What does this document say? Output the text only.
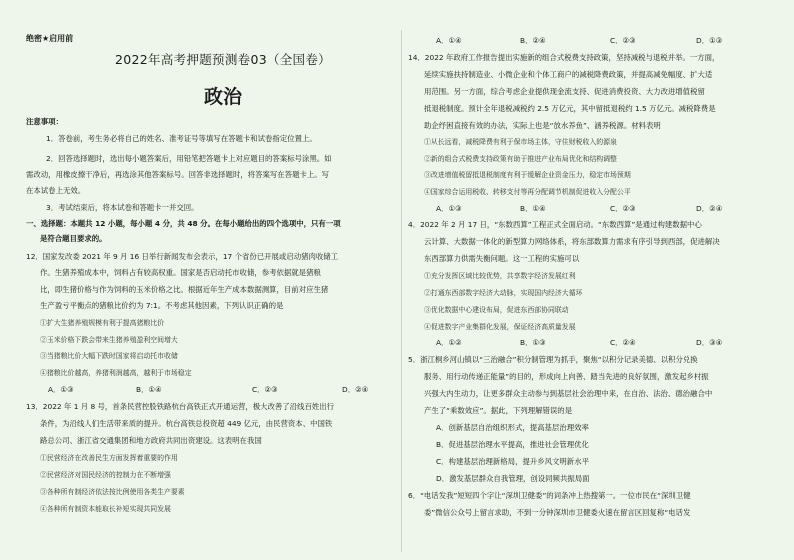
绝密★启用前
2022年高考押题预测卷03（全国卷）
政治
注意事项：
1．答卷前，考生务必将自己的姓名、准考证号等填写在答题卡和试卷指定位置上。
2．回答选择题时，选出每小题答案后，用铅笔把答题卡上对应题目的答案标号涂黑。如
需改动，用橡皮擦干净后，再选涂其他答案标号。回答非选择题时，将答案写在答题卡上。写
在本试卷上无效。
3．考试结束后，将本试卷和答题卡一并交回。
一、选择题：本题共 12 小题，每小题 4 分，共 48 分。在每小题给出的四个选项中，只有一项
是符合题目要求的。
12．国家发改委 2021 年 9 月 16 日举行新闻发布会表示，17 个省份已开展或启动猪肉收储工
作。生猪养殖成本中，饲料占有较高权重。国家是否启动托市收储，参考依据就是猪粮
比，即生猪价格与作为饲料的玉米价格之比。根据近年生产成本数据测算，目前对应生猪
生产盈亏平衡点的猪粮比价约为 7:1。不考虑其他因素，下列认识正确的是
①扩大生猪养殖规模有利于提高猪粮比价
②玉米价格下跌会带来生猪养殖盈利空间增大
③当猪粮比价大幅下跌时国家将启动托市收储
④猪粮比价越高，养猪利润越高，越利于市场稳定
A．①③	B．①④	C．②③	D．②④
13．2022 年 1 月 8 号，首条民营控股铁路杭台高铁正式开通运营，极大改善了沿线百姓出行
条件，为沿线人们生活带来质的提升。杭台高铁总投资超 449 亿元，由民营资本、中国铁
路总公司、浙江省交通集团和地方政府共同出资建设。这表明在我国
①民营经济在改善民生方面发挥着重要的作用
②民营经济对国民经济的控制力在不断增强
③各种所有制经济依法按比例使用各类生产要素
④各种所有制资本能取长补短实现共同发展
A．①④	B．②④	C．②③	D．①③
14．2022 年政府工作报告提出实施新的组合式税费支持政策，坚持减税与退税并举。一方面，
延续实施扶持制造业、小微企业和个体工商户的减税降费政策，并提高减免幅度、扩大适
用范围。另一方面，综合考虑企业提供现金流支持、促进消费投资、大力改进增值税留
抵退税制度。预计全年退税减税约 2.5 万亿元，其中留抵退税约 1.5 万亿元。减税降费是
助企纾困直接有效的办法，实际上也是“放水养鱼”、涵养税源。材料表明
①从长远看，减税降费有利于保市场主体，守住财税收入的源泉
②新的组合式税费支持政策有助于推进产业布局优化和结构调整
③改进增值税留抵退税制度有利于缓解企业资金压力，稳定市场预期
④国家综合运用税收、转移支付等再分配调节机制促进收入分配公平
A．①③	B．①④	C．②③	D．②④
4．2022 年 2 月 17 日，“东数西算”工程正式全面启动。“东数西算”是通过构建数据中心
云计算、大数据一体化的新型算力网络体系，将东部数算力需求有序引导到西部，促进解决
东西部算力供需失衡问题。这一工程的实施可以
①充分发挥区域比较优势，共享数字经济发展红利
②打通东西部数字经济大动脉，实现国内经济大循环
③优化数据中心建设布局，促进东西部协同联动
④促进数字产业集群化发展，保证经济高质量发展
A．①②	B．①③	C．②④	D．③④
5．浙江桐乡河山镇以“三治融合”积分制管理为抓手，聚焦“以积分记录美德、以积分兑换
服务、用行动传递正能量”的目的，形成向上向善、踏当先进的良好氛围，激发起乡村振
兴强大内生动力，让更多群众主动参与到基层社会治理中来，在自治、法治、德治融合中
产生了“乘数效应”。据此，下列理解错误的是
A．创新基层自治组织形式，提高基层治理效率
B．促进基层治理水平提高，推进社会管理优化
C．构建基层治理新格局，提升乡风文明新水平
D．激发基层群众自我管理，创设同频共振局面
6．“电话发我”短短四个字让“深圳卫健委”的词条冲上热搜第一。一位市民在“深圳卫健
委”微信公众号上留言求助，不到一分钟深圳市卫健委火速在留言区回复称“电话发
